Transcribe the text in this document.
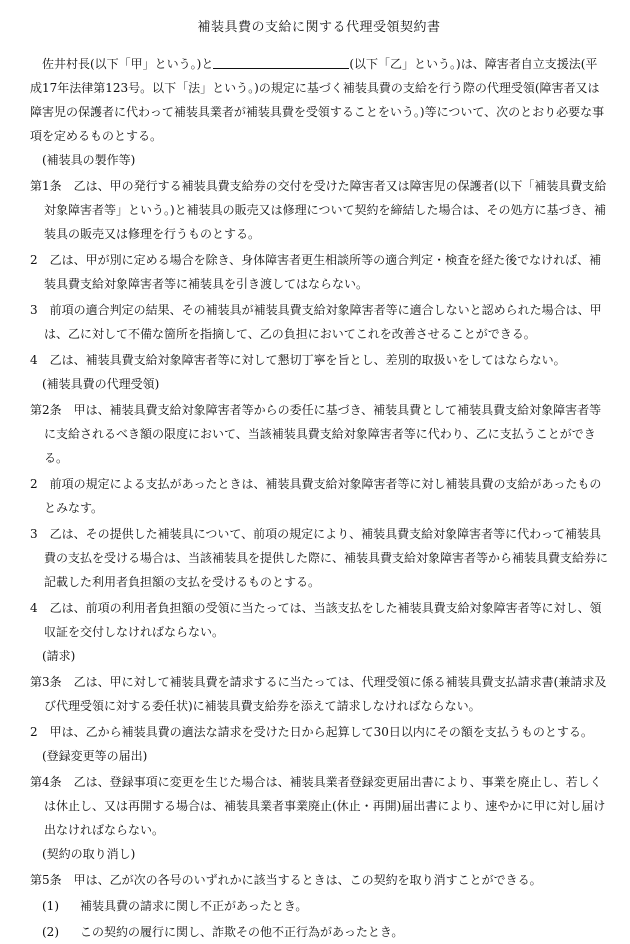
補装具費の支給に関する代理受領契約書

佐井村長(以下「甲」という。)と	(以下「乙」という。)は、障害者自立支援法(平成17年法律第123号。以下「法」という。)の規定に基づく補装具費の支給を行う際の代理受領(障害者又は障害児の保護者に代わって補装具業者が補装具費を受領することをいう。)等について、次のとおり必要な事項を定めるものとする。

(補装具の製作等)

第1条　乙は、甲の発行する補装具費支給券の交付を受けた障害者又は障害児の保護者(以下「補装具費支給対象障害者等」という。)と補装具の販売又は修理について契約を締結した場合は、その処方に基づき、補装具の販売又は修理を行うものとする。

2　乙は、甲が別に定める場合を除き、身体障害者更生相談所等の適合判定・検査を経た後でなければ、補装具費支給対象障害者等に補装具を引き渡してはならない。

3　前項の適合判定の結果、その補装具が補装具費支給対象障害者等に適合しないと認められた場合は、甲は、乙に対して不備な箇所を指摘して、乙の負担においてこれを改善させることができる。

4　乙は、補装具費支給対象障害者等に対して懇切丁寧を旨とし、差別的取扱いをしてはならない。

(補装具費の代理受領)

第2条　甲は、補装具費支給対象障害者等からの委任に基づき、補装具費として補装具費支給対象障害者等に支給されるべき額の限度において、当該補装具費支給対象障害者等に代わり、乙に支払うことができる。

2　前項の規定による支払があったときは、補装具費支給対象障害者等に対し補装具費の支給があったものとみなす。

3　乙は、その提供した補装具について、前項の規定により、補装具費支給対象障害者等に代わって補装具費の支払を受ける場合は、当該補装具を提供した際に、補装具費支給対象障害者等から補装具費支給券に記載した利用者負担額の支払を受けるものとする。

4　乙は、前項の利用者負担額の受領に当たっては、当該支払をした補装具費支給対象障害者等に対し、領収証を交付しなければならない。

(請求)

第3条　乙は、甲に対して補装具費を請求するに当たっては、代理受領に係る補装具費支払請求書(兼請求及び代理受領に対する委任状)に補装具費支給券を添えて請求しなければならない。

2　甲は、乙から補装具費の適法な請求を受けた日から起算して30日以内にその額を支払うものとする。

(登録変更等の届出)

第4条　乙は、登録事項に変更を生じた場合は、補装具業者登録変更届出書により、事業を廃止し、若しくは休止し、又は再開する場合は、補装具業者事業廃止(休止・再開)届出書により、速やかに甲に対し届け出なければならない。

(契約の取り消し)

第5条　甲は、乙が次の各号のいずれかに該当するときは、この契約を取り消すことができる。

(1) 補装具費の請求に関し不正があったとき。
(2) この契約の履行に関し、詐欺その他不正行為があったとき。
